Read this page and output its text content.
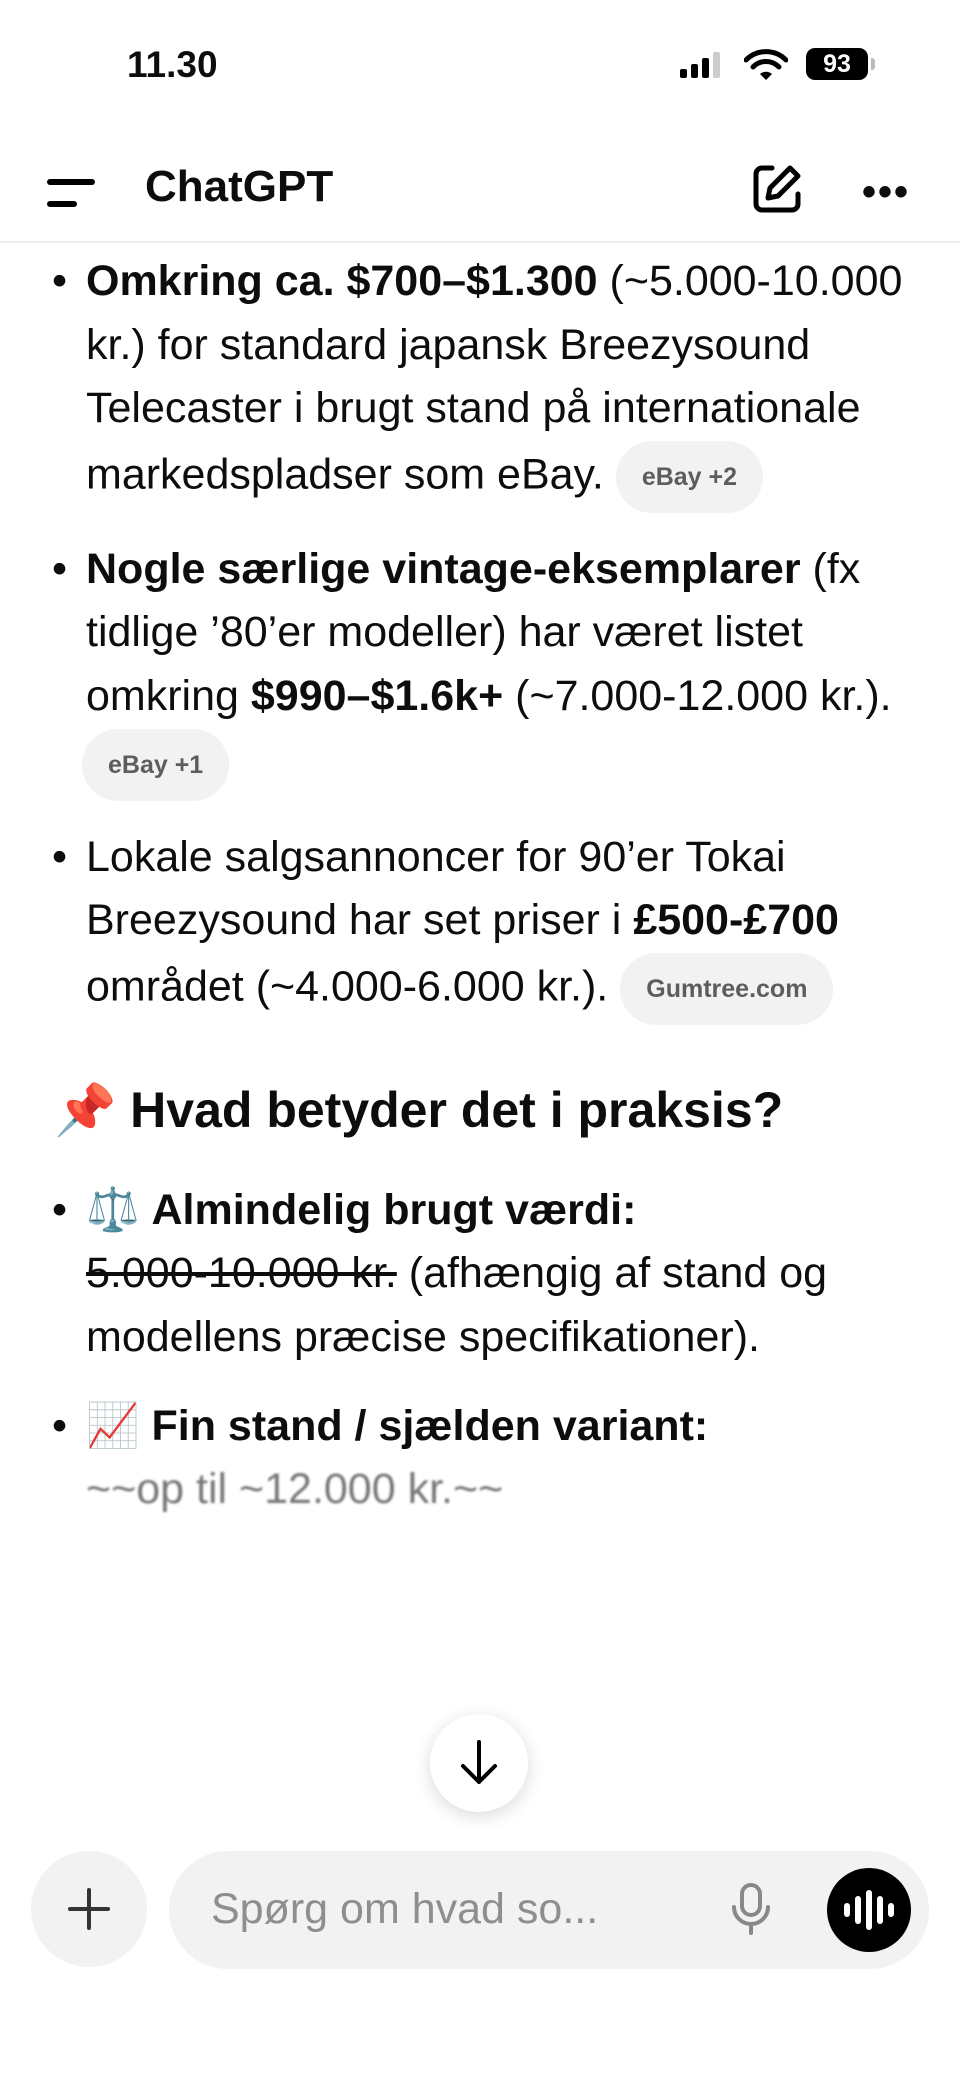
11.30	93
ChatGPT	•••
• Omkring ca. $700–$1.300 (~5.000-10.000 kr.) for standard japansk Breezysound Telecaster i brugt stand på internationale markedspladser som eBay. eBay +2
• Nogle særlige vintage-eksemplarer (fx tidlige ’80’er modeller) har været listet omkring $990–$1.6k+ (~7.000-12.000 kr.).
eBay +1
• Lokale salgsannoncer for 90’er Tokai Breezysound har set priser i £500-£700 området (~4.000-6.000 kr.). Gumtree.com
📌 Hvad betyder det i praksis?
• ⚖️ Almindelig brugt værdi:
5.000-10.000 kr. (afhængig af stand og modellens præcise specifikationer).
• 📈 Fin stand / sjælden variant:
~~op til ~12.000 kr.~~
Spørg om hvad so...
